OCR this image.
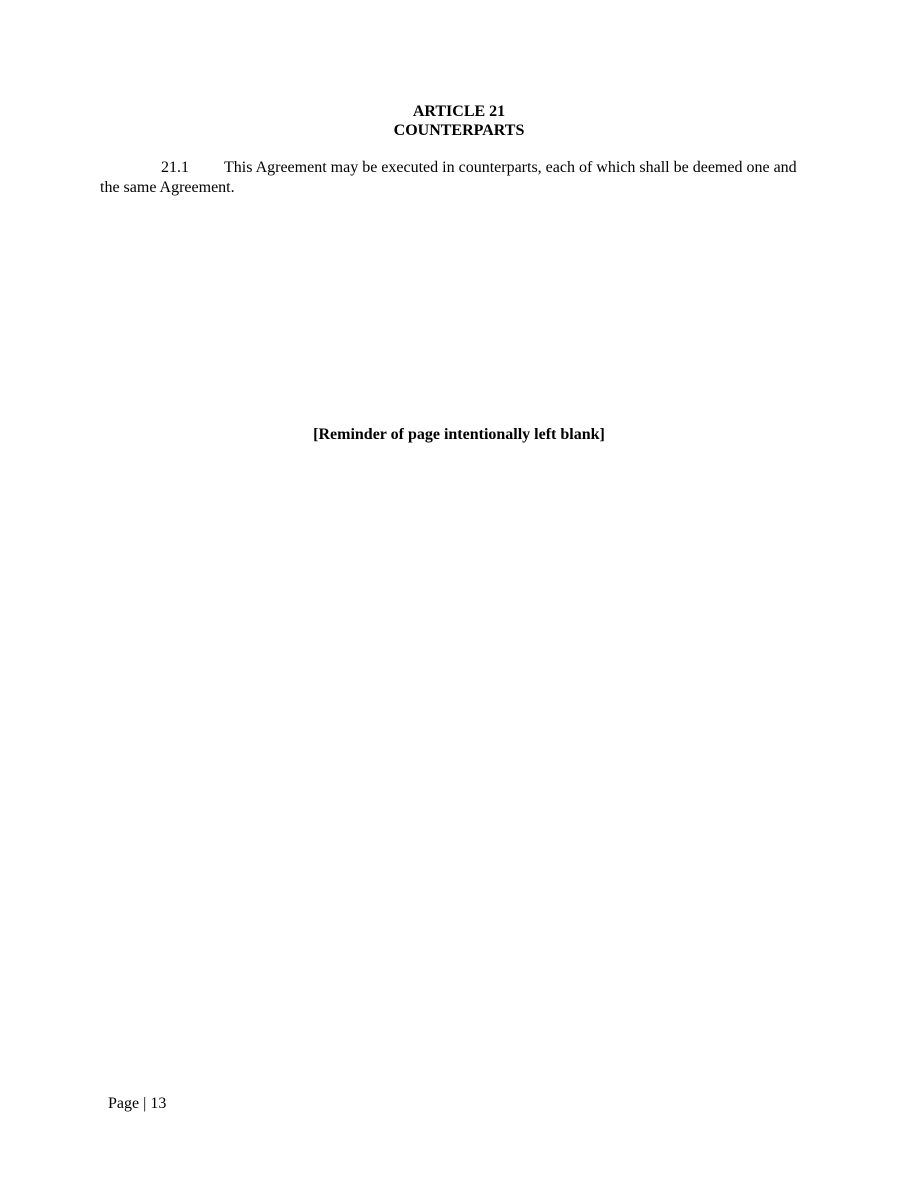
ARTICLE 21
COUNTERPARTS
21.1 This Agreement may be executed in counterparts, each of which shall be deemed one and the same Agreement.
[Reminder of page intentionally left blank]
Page | 13
